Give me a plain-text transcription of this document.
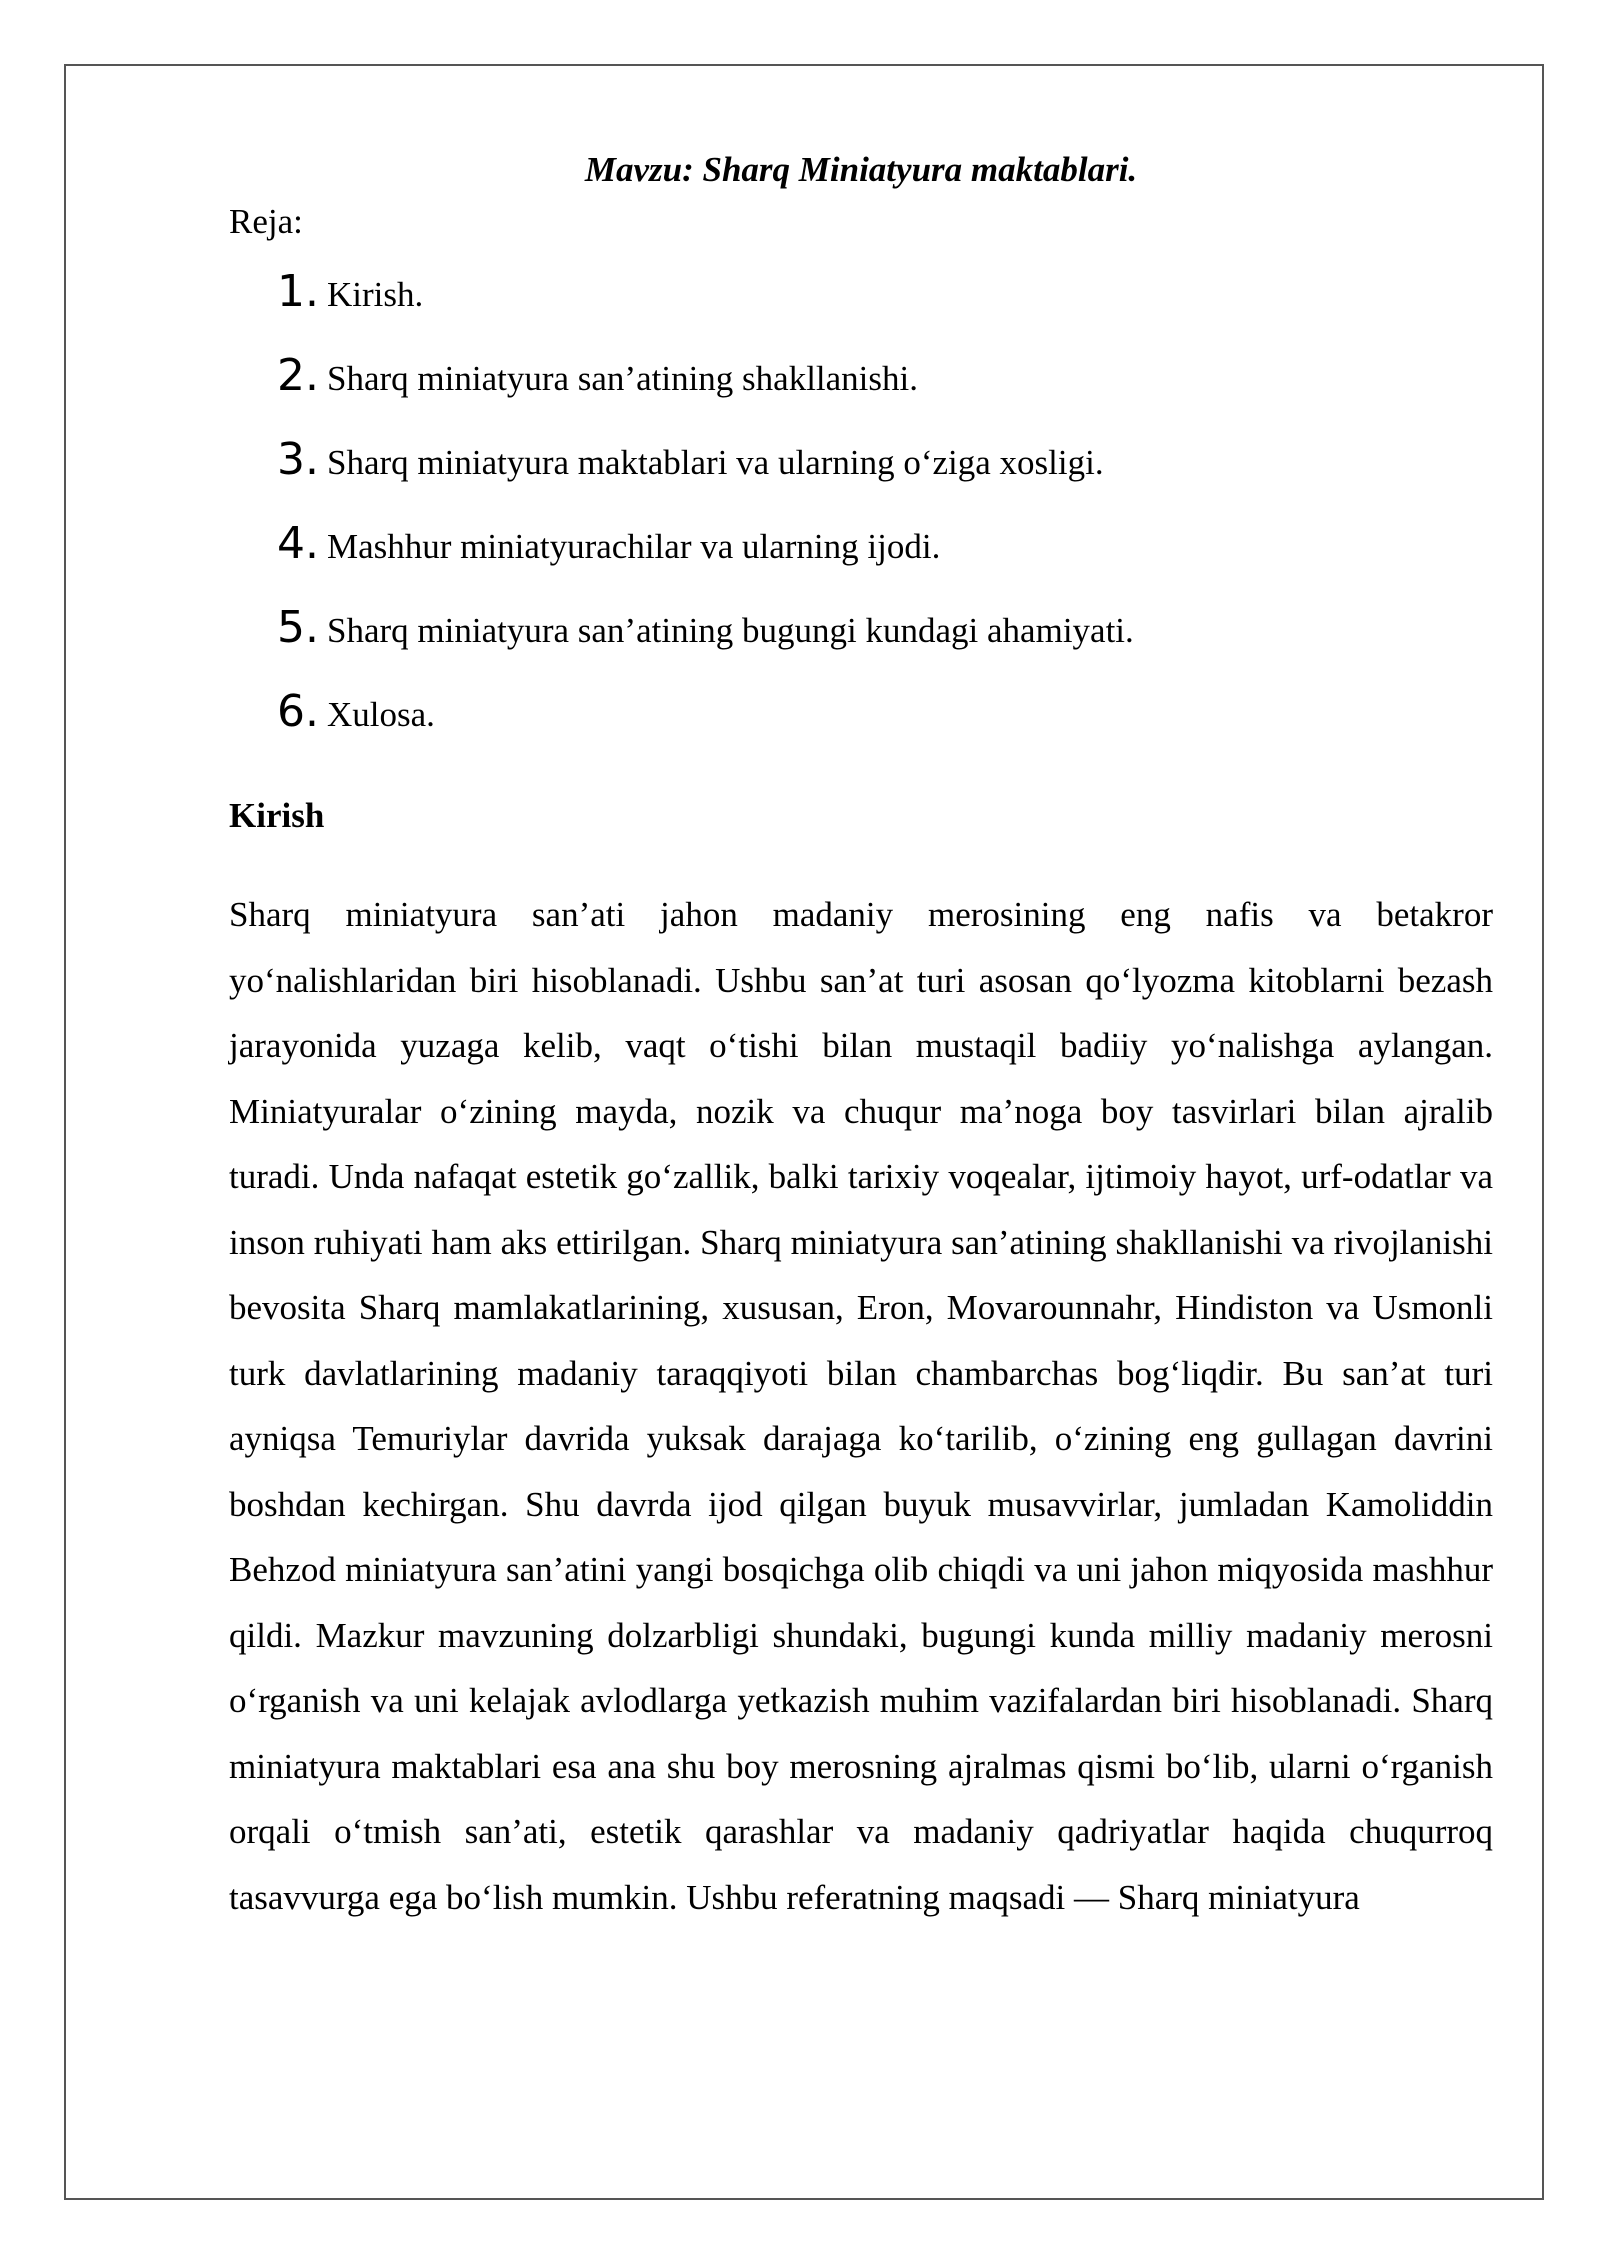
Mavzu: Sharq Miniatyura maktablari.

Reja:

1. Kirish.
2. Sharq miniatyura san’atining shakllanishi.
3. Sharq miniatyura maktablari va ularning o‘ziga xosligi.
4. Mashhur miniatyurachilar va ularning ijodi.
5. Sharq miniatyura san’atining bugungi kundagi ahamiyati.
6. Xulosa.

Kirish

Sharq miniatyura san’ati jahon madaniy merosining eng nafis va betakror yo‘nalishlaridan biri hisoblanadi. Ushbu san’at turi asosan qo‘lyozma kitoblarni bezash jarayonida yuzaga kelib, vaqt o‘tishi bilan mustaqil badiiy yo‘nalishga aylangan. Miniatyuralar o‘zining mayda, nozik va chuqur ma’noga boy tasvirlari bilan ajralib turadi. Unda nafaqat estetik go‘zallik, balki tarixiy voqealar, ijtimoiy hayot, urf-odatlar va inson ruhiyati ham aks ettirilgan. Sharq miniatyura san’atining shakllanishi va rivojlanishi bevosita Sharq mamlakatlarining, xususan, Eron, Movarounnahr, Hindiston va Usmonli turk davlatlarining madaniy taraqqiyoti bilan chambarchas bog‘liqdir. Bu san’at turi ayniqsa Temuriylar davrida yuksak darajaga ko‘tarilib, o‘zining eng gullagan davrini boshdan kechirgan. Shu davrda ijod qilgan buyuk musavvirlar, jumladan Kamoliddin Behzod miniatyura san’atini yangi bosqichga olib chiqdi va uni jahon miqyosida mashhur qildi. Mazkur mavzuning dolzarbligi shundaki, bugungi kunda milliy madaniy merosni o‘rganish va uni kelajak avlodlarga yetkazish muhim vazifalardan biri hisoblanadi. Sharq miniatyura maktablari esa ana shu boy merosning ajralmas qismi bo‘lib, ularni o‘rganish orqali o‘tmish san’ati, estetik qarashlar va madaniy qadriyatlar haqida chuqurroq tasavvurga ega bo‘lish mumkin. Ushbu referatning maqsadi — Sharq miniatyura
